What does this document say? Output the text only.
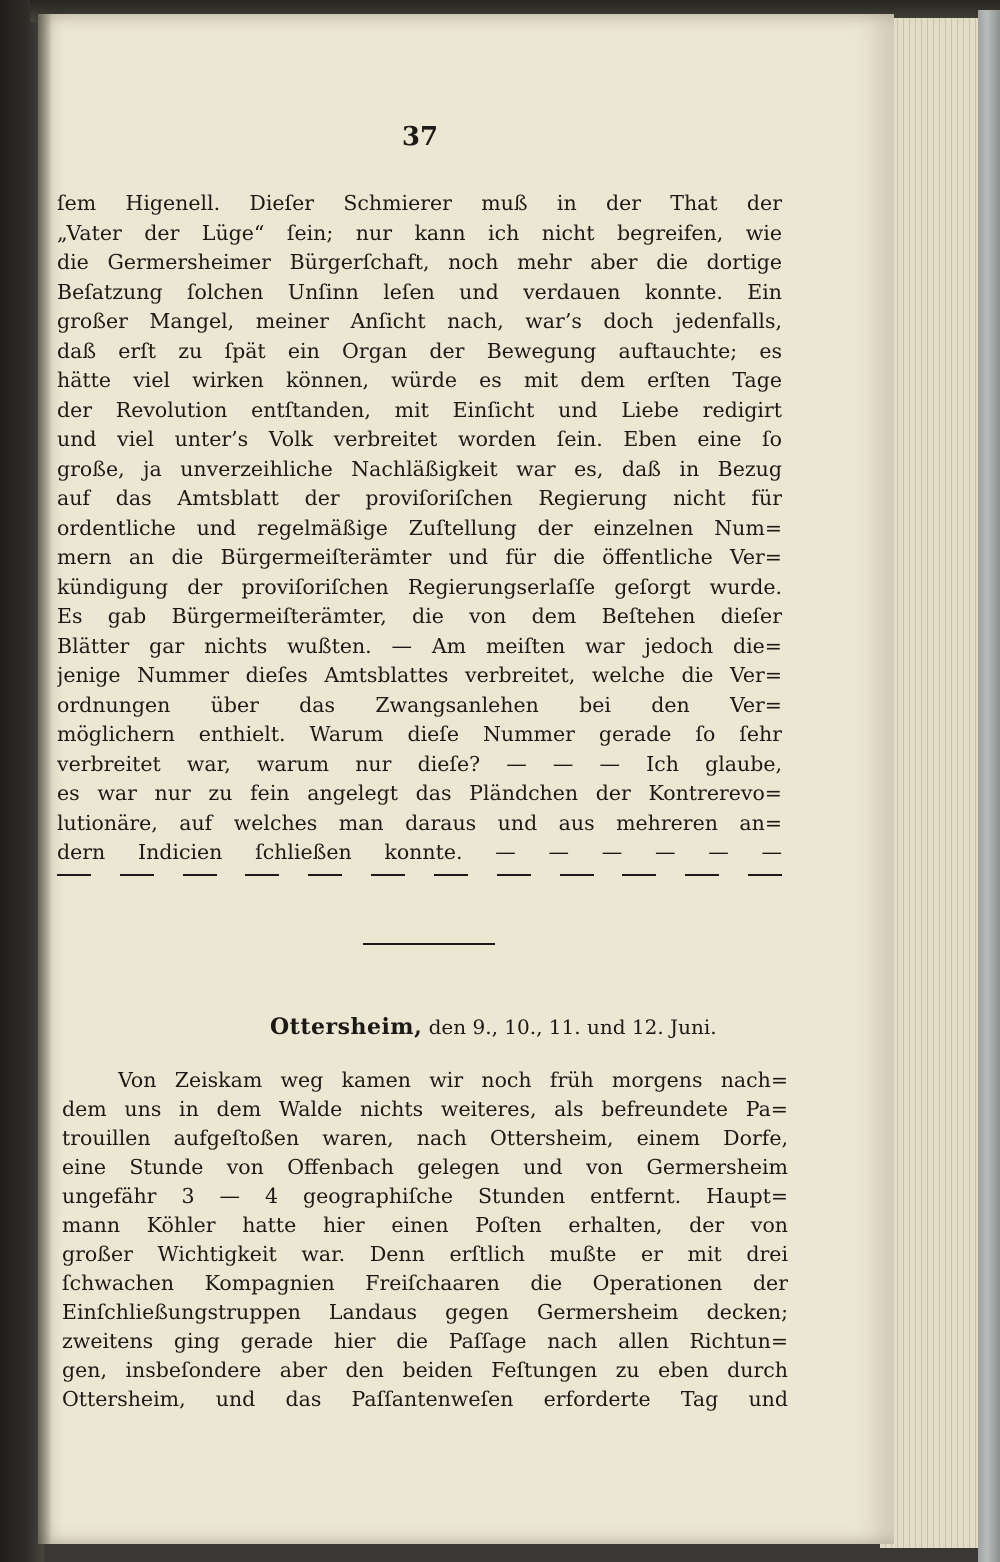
37

ſem Higenell. Dieſer Schmierer muß in der That der

„Vater der Lüge“ ſein; nur kann ich nicht begreifen, wie

die Germersheimer Bürgerſchaft, noch mehr aber die dortige

Beſatzung ſolchen Unſinn leſen und verdauen konnte. Ein

großer Mangel, meiner Anſicht nach, war’s doch jedenfalls,

daß erſt zu ſpät ein Organ der Bewegung auftauchte; es

hätte viel wirken können, würde es mit dem erſten Tage

der Revolution entſtanden, mit Einſicht und Liebe redigirt

und viel unter’s Volk verbreitet worden ſein. Eben eine ſo

große, ja unverzeihliche Nachläßigkeit war es, daß in Bezug

auf das Amtsblatt der proviſoriſchen Regierung nicht für

ordentliche und regelmäßige Zuſtellung der einzelnen Num=

mern an die Bürgermeiſterämter und für die öffentliche Ver=

kündigung der proviſoriſchen Regierungserlaſſe geſorgt wurde.

Es gab Bürgermeiſterämter, die von dem Beſtehen dieſer

Blätter gar nichts wußten. — Am meiſten war jedoch die=

jenige Nummer dieſes Amtsblattes verbreitet, welche die Ver=

ordnungen über das Zwangsanlehen bei den Ver=

möglichern enthielt. Warum dieſe Nummer gerade ſo ſehr

verbreitet war, warum nur dieſe? — — — Ich glaube,

es war nur zu fein angelegt das Pländchen der Kontrerevo=

lutionäre, auf welches man daraus und aus mehreren an=

dern Indicien ſchließen konnte. — — — — — —

Ottersheim, den 9., 10., 11. und 12. Juni.

Von Zeiskam weg kamen wir noch früh morgens nach=

dem uns in dem Walde nichts weiteres, als befreundete Pa=

trouillen aufgeſtoßen waren, nach Ottersheim, einem Dorfe,

eine Stunde von Offenbach gelegen und von Germersheim

ungefähr 3 — 4 geographiſche Stunden entfernt. Haupt=

mann Köhler hatte hier einen Poſten erhalten, der von

großer Wichtigkeit war. Denn erſtlich mußte er mit drei

ſchwachen Kompagnien Freiſchaaren die Operationen der

Einſchließungstruppen Landaus gegen Germersheim decken;

zweitens ging gerade hier die Paſſage nach allen Richtun=

gen, insbeſondere aber den beiden Feſtungen zu eben durch

Ottersheim, und das Paſſantenweſen erforderte Tag und
